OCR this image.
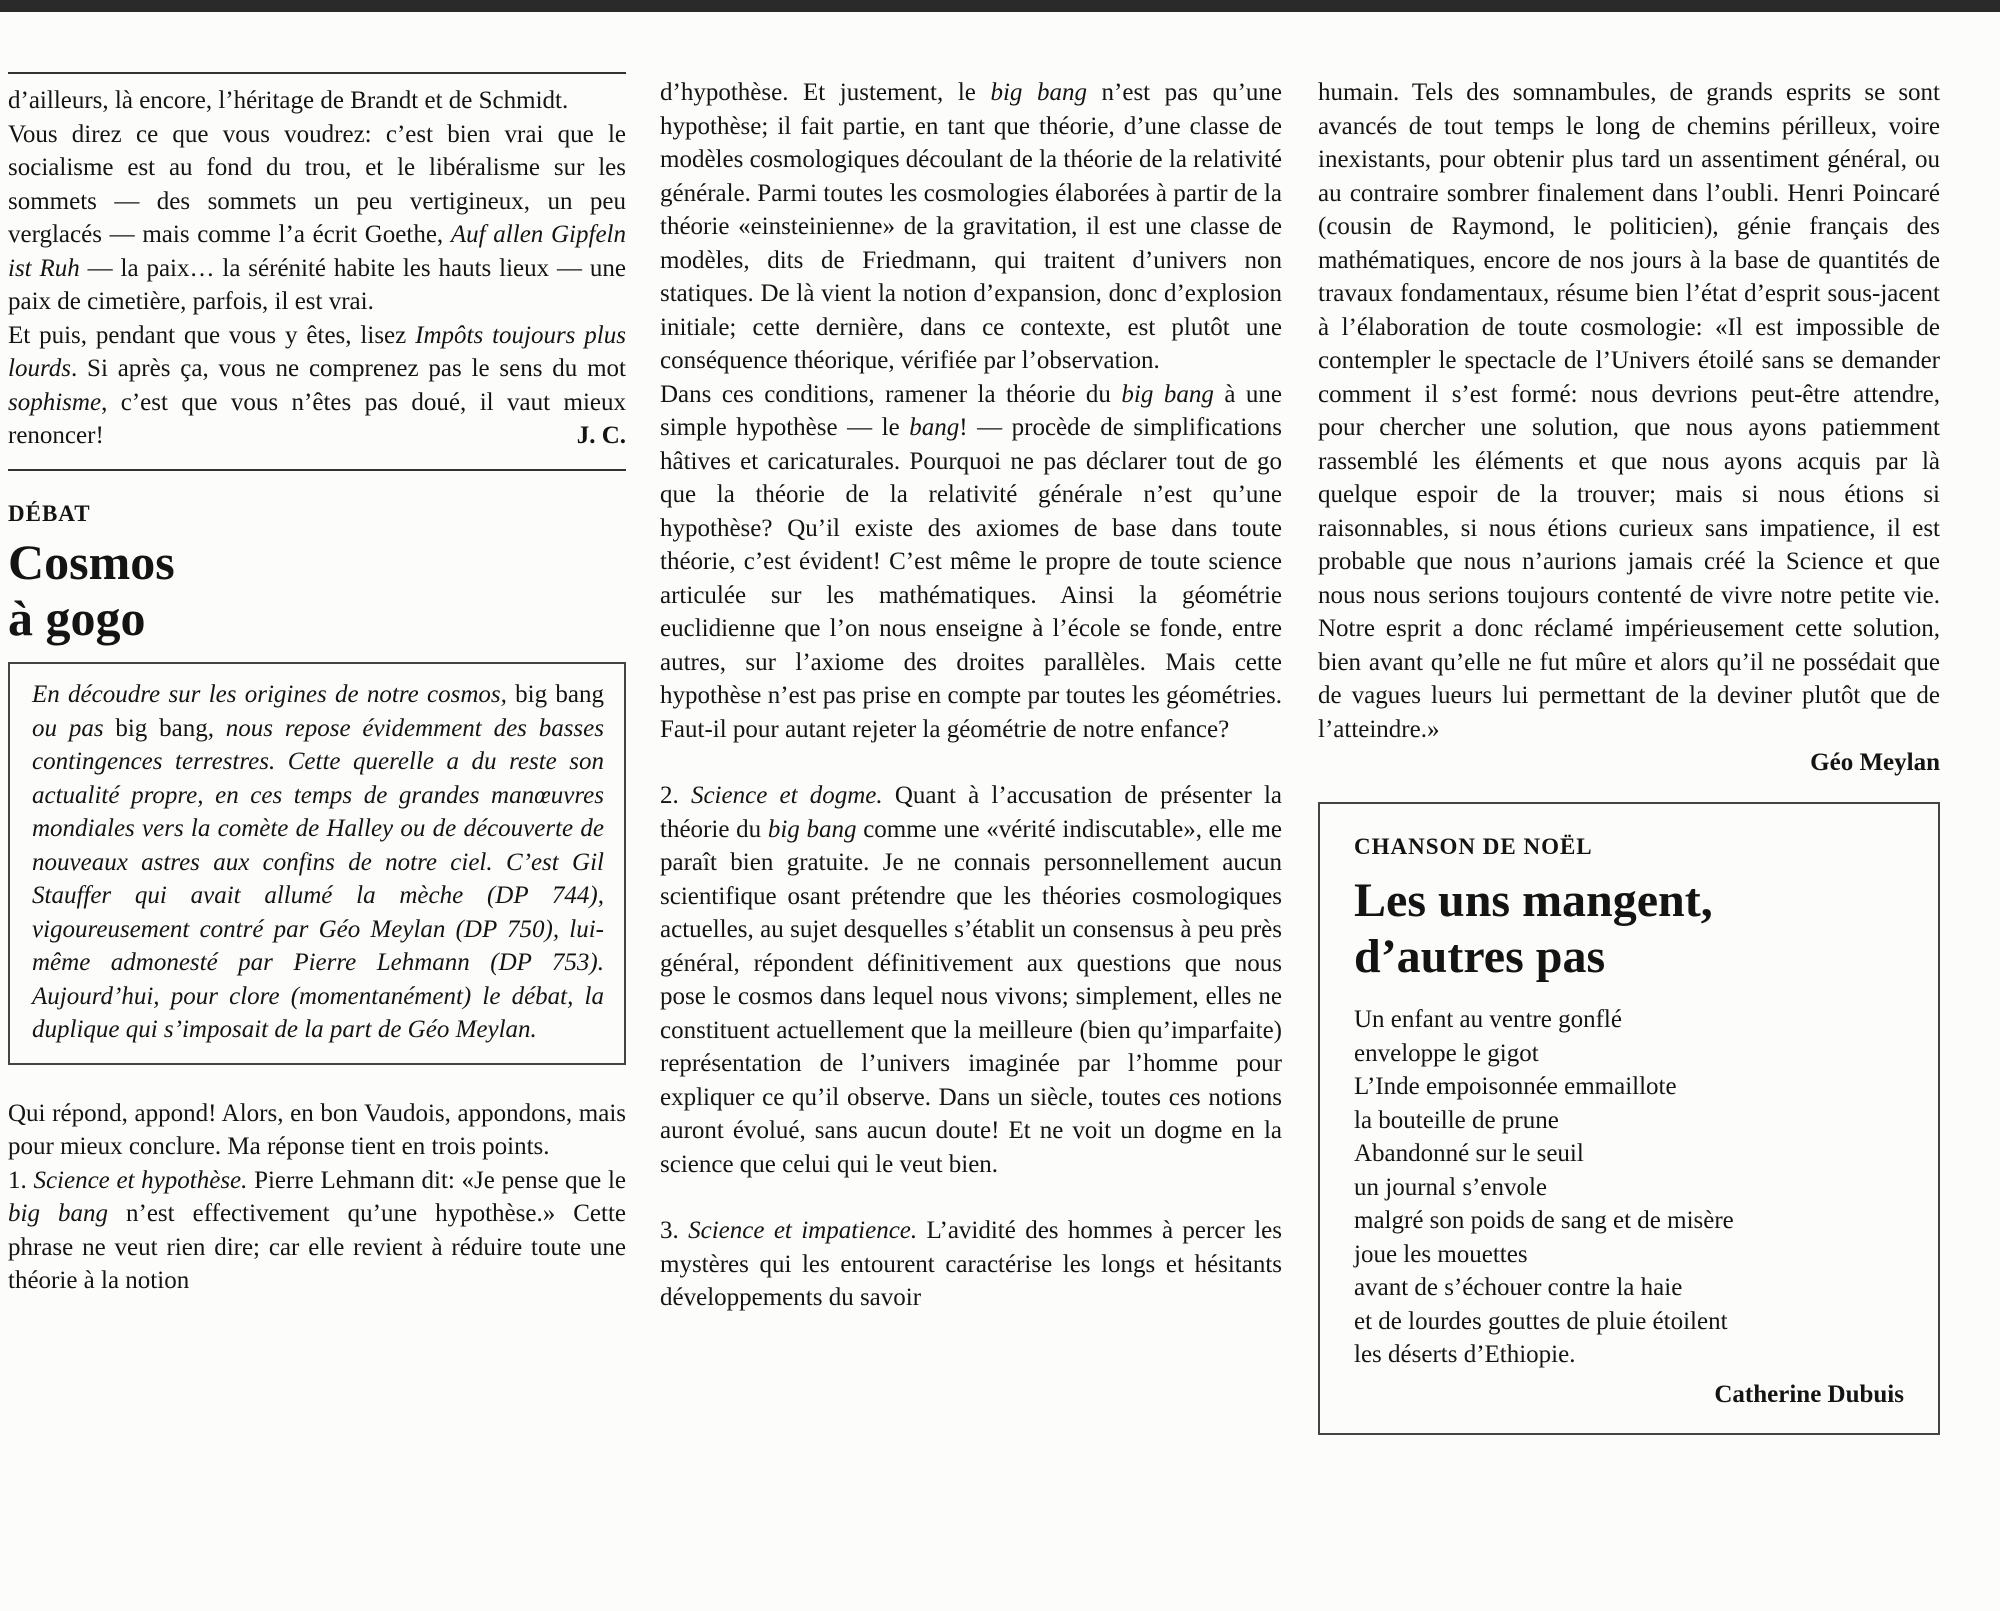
d’ailleurs, là encore, l’héritage de Brandt et de Schmidt.

Vous direz ce que vous voudrez: c’est bien vrai que le socialisme est au fond du trou, et le libéralisme sur les sommets — des sommets un peu vertigineux, un peu verglacés — mais comme l’a écrit Goethe, Auf allen Gipfeln ist Ruh — la paix… la sérénité habite les hauts lieux — une paix de cimetière, parfois, il est vrai.

Et puis, pendant que vous y êtes, lisez Impôts toujours plus lourds. Si après ça, vous ne comprenez pas le sens du mot sophisme, c’est que vous n’êtes pas doué, il vaut mieux renoncer!	J. C.

DÉBAT
Cosmos
à gogo
En découdre sur les origines de notre cosmos, big bang ou pas big bang, nous repose évidemment des basses contingences terrestres. Cette querelle a du reste son actualité propre, en ces temps de grandes manœuvres mondiales vers la comète de Halley ou de découverte de nouveaux astres aux confins de notre ciel. C’est Gil Stauffer qui avait allumé la mèche (DP 744), vigoureusement contré par Géo Meylan (DP 750), lui-même admonesté par Pierre Lehmann (DP 753). Aujourd’hui, pour clore (momentanément) le débat, la duplique qui s’imposait de la part de Géo Meylan.

Qui répond, appond! Alors, en bon Vaudois, appondons, mais pour mieux conclure. Ma réponse tient en trois points.

1. Science et hypothèse. Pierre Lehmann dit: «Je pense que le big bang n’est effectivement qu’une hypothèse.» Cette phrase ne veut rien dire; car elle revient à réduire toute une théorie à la notion

d’hypothèse. Et justement, le big bang n’est pas qu’une hypothèse; il fait partie, en tant que théorie, d’une classe de modèles cosmologiques découlant de la théorie de la relativité générale. Parmi toutes les cosmologies élaborées à partir de la théorie «einsteinienne» de la gravitation, il est une classe de modèles, dits de Friedmann, qui traitent d’univers non statiques. De là vient la notion d’expansion, donc d’explosion initiale; cette dernière, dans ce contexte, est plutôt une conséquence théorique, vérifiée par l’observation.

Dans ces conditions, ramener la théorie du big bang à une simple hypothèse — le bang! — procède de simplifications hâtives et caricaturales. Pourquoi ne pas déclarer tout de go que la théorie de la relativité générale n’est qu’une hypothèse? Qu’il existe des axiomes de base dans toute théorie, c’est évident! C’est même le propre de toute science articulée sur les mathématiques. Ainsi la géométrie euclidienne que l’on nous enseigne à l’école se fonde, entre autres, sur l’axiome des droites parallèles. Mais cette hypothèse n’est pas prise en compte par toutes les géométries. Faut-il pour autant rejeter la géométrie de notre enfance?

2. Science et dogme. Quant à l’accusation de présenter la théorie du big bang comme une «vérité indiscutable», elle me paraît bien gratuite. Je ne connais personnellement aucun scientifique osant prétendre que les théories cosmologiques actuelles, au sujet desquelles s’établit un consensus à peu près général, répondent définitivement aux questions que nous pose le cosmos dans lequel nous vivons; simplement, elles ne constituent actuellement que la meilleure (bien qu’imparfaite) représentation de l’univers imaginée par l’homme pour expliquer ce qu’il observe. Dans un siècle, toutes ces notions auront évolué, sans aucun doute! Et ne voit un dogme en la science que celui qui le veut bien.

3. Science et impatience. L’avidité des hommes à percer les mystères qui les entourent caractérise les longs et hésitants développements du savoir

humain. Tels des somnambules, de grands esprits se sont avancés de tout temps le long de chemins périlleux, voire inexistants, pour obtenir plus tard un assentiment général, ou au contraire sombrer finalement dans l’oubli. Henri Poincaré (cousin de Raymond, le politicien), génie français des mathématiques, encore de nos jours à la base de quantités de travaux fondamentaux, résume bien l’état d’esprit sous-jacent à l’élaboration de toute cosmologie: «Il est impossible de contempler le spectacle de l’Univers étoilé sans se demander comment il s’est formé: nous devrions peut-être attendre, pour chercher une solution, que nous ayons patiemment rassemblé les éléments et que nous ayons acquis par là quelque espoir de la trouver; mais si nous étions si raisonnables, si nous étions curieux sans impatience, il est probable que nous n’aurions jamais créé la Science et que nous nous serions toujours contenté de vivre notre petite vie. Notre esprit a donc réclamé impérieusement cette solution, bien avant qu’elle ne fut mûre et alors qu’il ne possédait que de vagues lueurs lui permettant de la deviner plutôt que de l’atteindre.»

Géo Meylan
CHANSON DE NOËL
Les uns mangent,
d’autres pas
Un enfant au ventre gonflé
enveloppe le gigot
L’Inde empoisonnée emmaillote
la bouteille de prune
Abandonné sur le seuil
un journal s’envole
malgré son poids de sang et de misère
joue les mouettes
avant de s’échouer contre la haie
et de lourdes gouttes de pluie étoilent
les déserts d’Ethiopie.
Catherine Dubuis
